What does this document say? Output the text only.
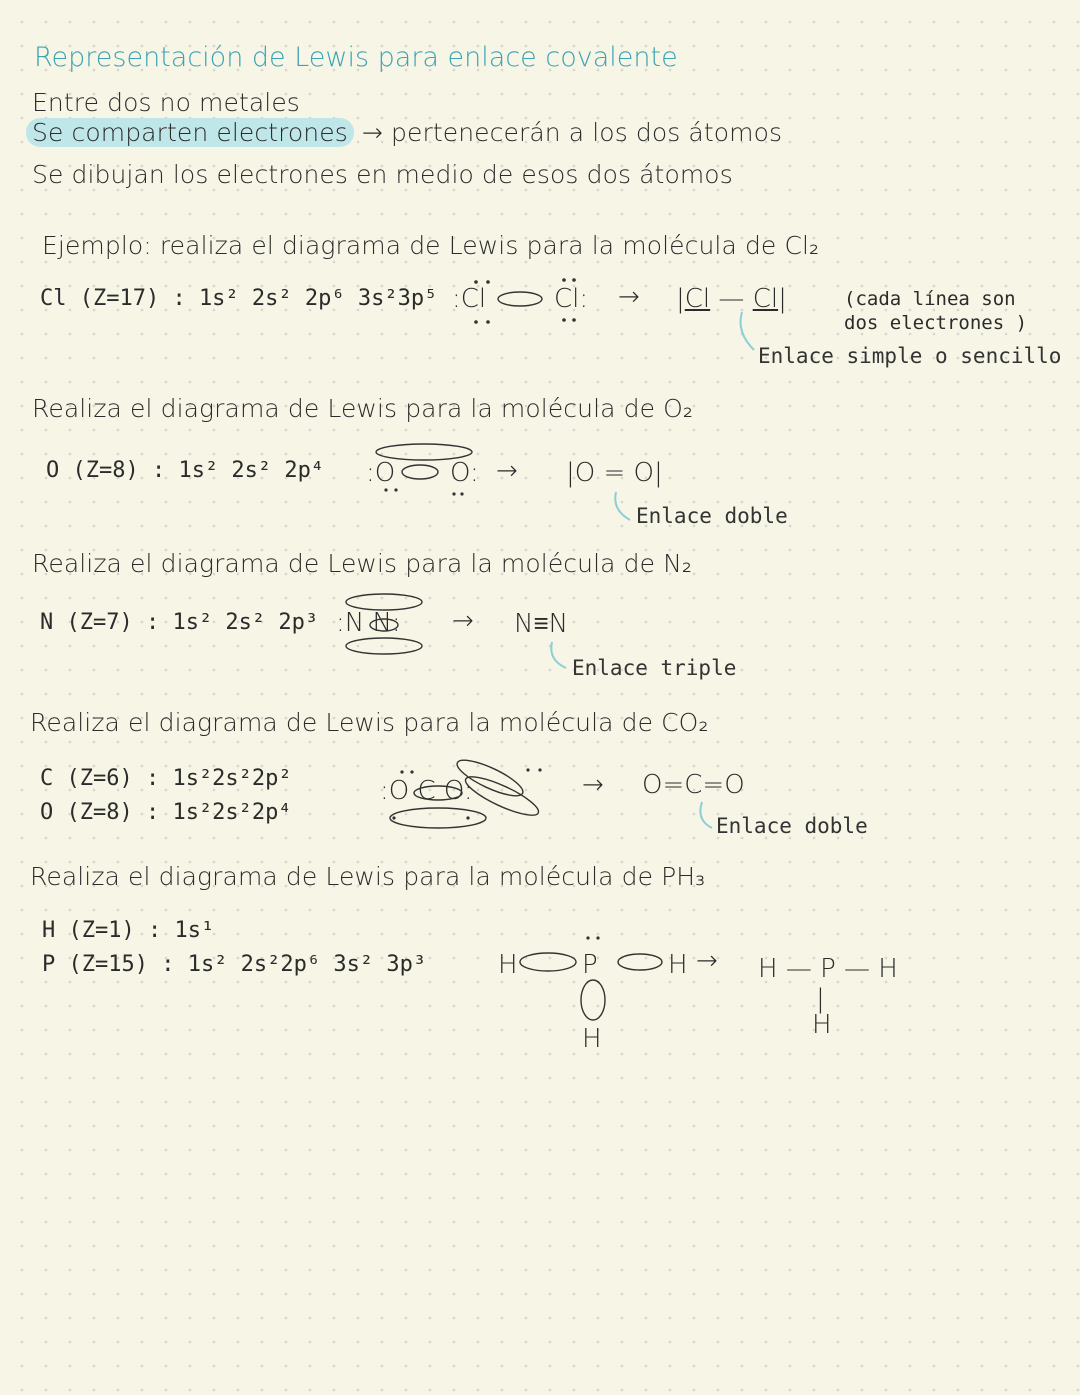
Representación de Lewis para enlace covalente
Entre dos no metales
Se comparten electrones → pertenecerán a los dos átomos
Se dibujan los electrones en medio de esos dos átomos
Ejemplo: realiza el diagrama de Lewis para la molécula de Cl₂
Cl (Z=17) : 1s² 2s² 2p⁶ 3s²3p⁵ :Cl	Cl: → |Cl — Cl|	(cada línea son
dos electrones )
Enlace simple o sencillo
Realiza el diagrama de Lewis para la molécula de O₂
O (Z=8) : 1s² 2s² 2p⁴ :O O: → |O = O|
Enlace doble
Realiza el diagrama de Lewis para la molécula de N₂
N (Z=7) : 1s² 2s² 2p³ :N N: → N≡N
Enlace triple
Realiza el diagrama de Lewis para la molécula de CO₂
C (Z=6) : 1s²2s²2p²
O (Z=8) : 1s²2s²2p⁴
:O C O:	→ O=C=O
Enlace doble
Realiza el diagrama de Lewis para la molécula de PH₃
H (Z=1) : 1s¹
P (Z=15) : 1s² 2s²2p⁶ 3s² 3p³	H P	H
H
→ H — P — H
|
H
